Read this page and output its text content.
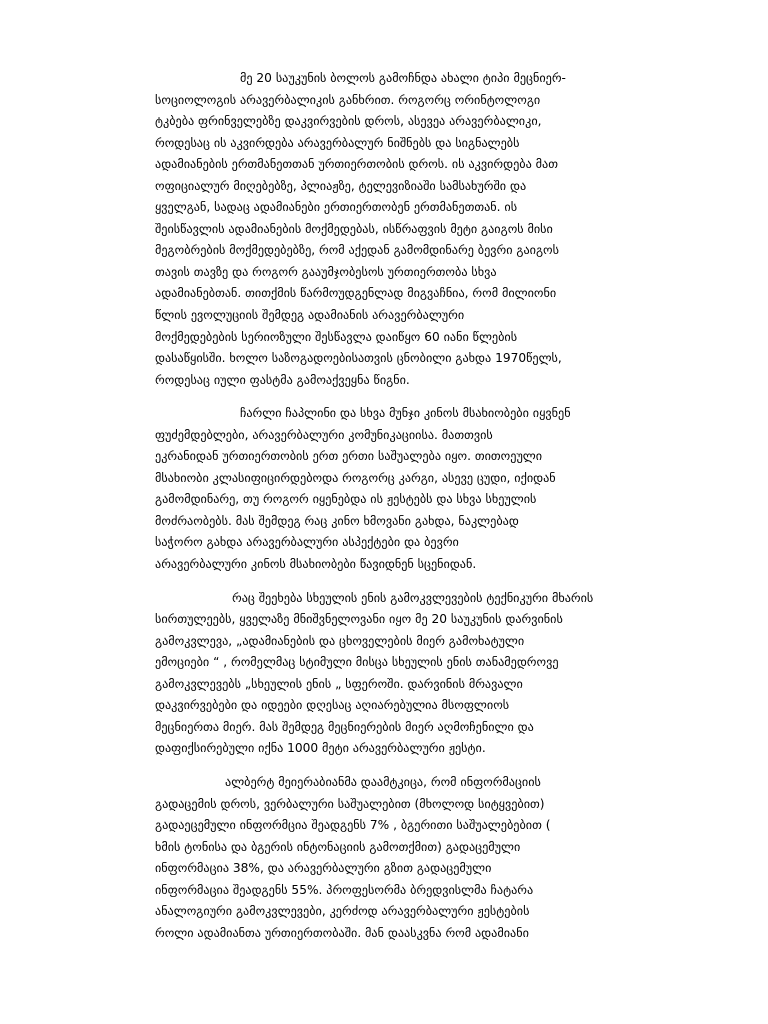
მე 20 საუკუნის ბოლოს გამოჩნდა ახალი ტიპი მეცნიერ-
სოციოლოგის არავერბალიკის განხრით. როგორც ორინტოლოგი
ტკბება ფრინველებზე დაკვირვების დროს, ასევეა არავერბალიკი,
როდესაც ის აკვირდება არავერბალურ ნიშნებს და სიგნალებს
ადამიანების ერთმანეთთან ურთიერთობის დროს. ის აკვირდება მათ
ოფიციალურ მიღებებზე, პლიაჟზე, ტელევიზიაში სამსახურში და
ყველგან, სადაც ადამიანები ერთიერთობენ ერთმანეთთან. ის
შეისწავლის ადამიანების მოქმედებას, ისწრაფვის მეტი გაიგოს მისი
მეგობრების მოქმედებებზე, რომ აქედან გამომდინარე ბევრი გაიგოს
თავის თავზე და როგორ გააუმჯობესოს ურთიერთობა სხვა
ადამიანებთან. თითქმის წარმოუდგენლად მიგვაჩნია, რომ მილიონი
წლის ევოლუციის შემდეგ ადამიანის არავერბალური
მოქმედებების სერიოზული შესწავლა დაიწყო 60 იანი წლების
დასაწყისში. ხოლო საზოგადოებისათვის ცნობილი გახდა 1970წელს,
როდესაც იული ფასტმა გამოაქვეყნა წიგნი.
ჩარლი ჩაპლინი და სხვა მუნჯი კინოს მსახიობები იყვნენ
ფუძემდებლები, არავერბალური კომუნიკაციისა. მათთვის
ეკრანიდან ურთიერთობის ერთ ერთი საშუალება იყო. თითოეული
მსახიობი კლასიფიცირდებოდა როგორც კარგი, ასევე ცუდი, იქიდან
გამომდინარე, თუ როგორ იყენებდა ის ჟესტებს და სხვა სხეულის
მოძრაობებს. მას შემდეგ რაც კინო ხმოვანი გახდა, ნაკლებად
საჭორო გახდა არავერბალური ასპექტები და ბევრი
არავერბალური კინოს მსახიობები წავიდნენ სცენიდან.
რაც შეეხება სხეულის ენის გამოკვლევების ტექნიკური მხარის
სირთულეებს, ყველაზე მნიშვნელოვანი იყო მე 20 საუკუნის დარვინის
გამოკვლევა, „ადამიანების და ცხოველების მიერ გამოხატული
ემოციები “ , რომელმაც სტიმული მისცა სხეულის ენის თანამედროვე
გამოკვლევებს „სხეულის ენის „ სფეროში. დარვინის მრავალი
დაკვირვებები და იდეები დღესაც აღიარებულია მსოფლიოს
მეცნიერთა მიერ. მას შემდეგ მეცნიერების მიერ აღმოჩენილი და
დაფიქსირებული იქნა 1000 მეტი არავერბალური ჟესტი.
ალბერტ მეიერაბიანმა დაამტკიცა, რომ ინფორმაციის
გადაცემის დროს, ვერბალური საშუალებით (მხოლოდ სიტყვებით)
გადაეცემული ინფორმცია შეადგენს 7% , ბგერითი საშუალებებით (
ხმის ტონისა და ბგერის ინტონაციის გამოთქმით) გადაცემული
ინფორმაცია 38%, და არავერბალური გზით გადაცემული
ინფორმაცია შეადგენს 55%. პროფესორმა ბრედვისლმა ჩატარა
ანალოგიური გამოკვლევები, კერძოდ არავერბალური ჟესტების
როლი ადამიანთა ურთიერთობაში. მან დაასკვნა რომ ადამიანი
